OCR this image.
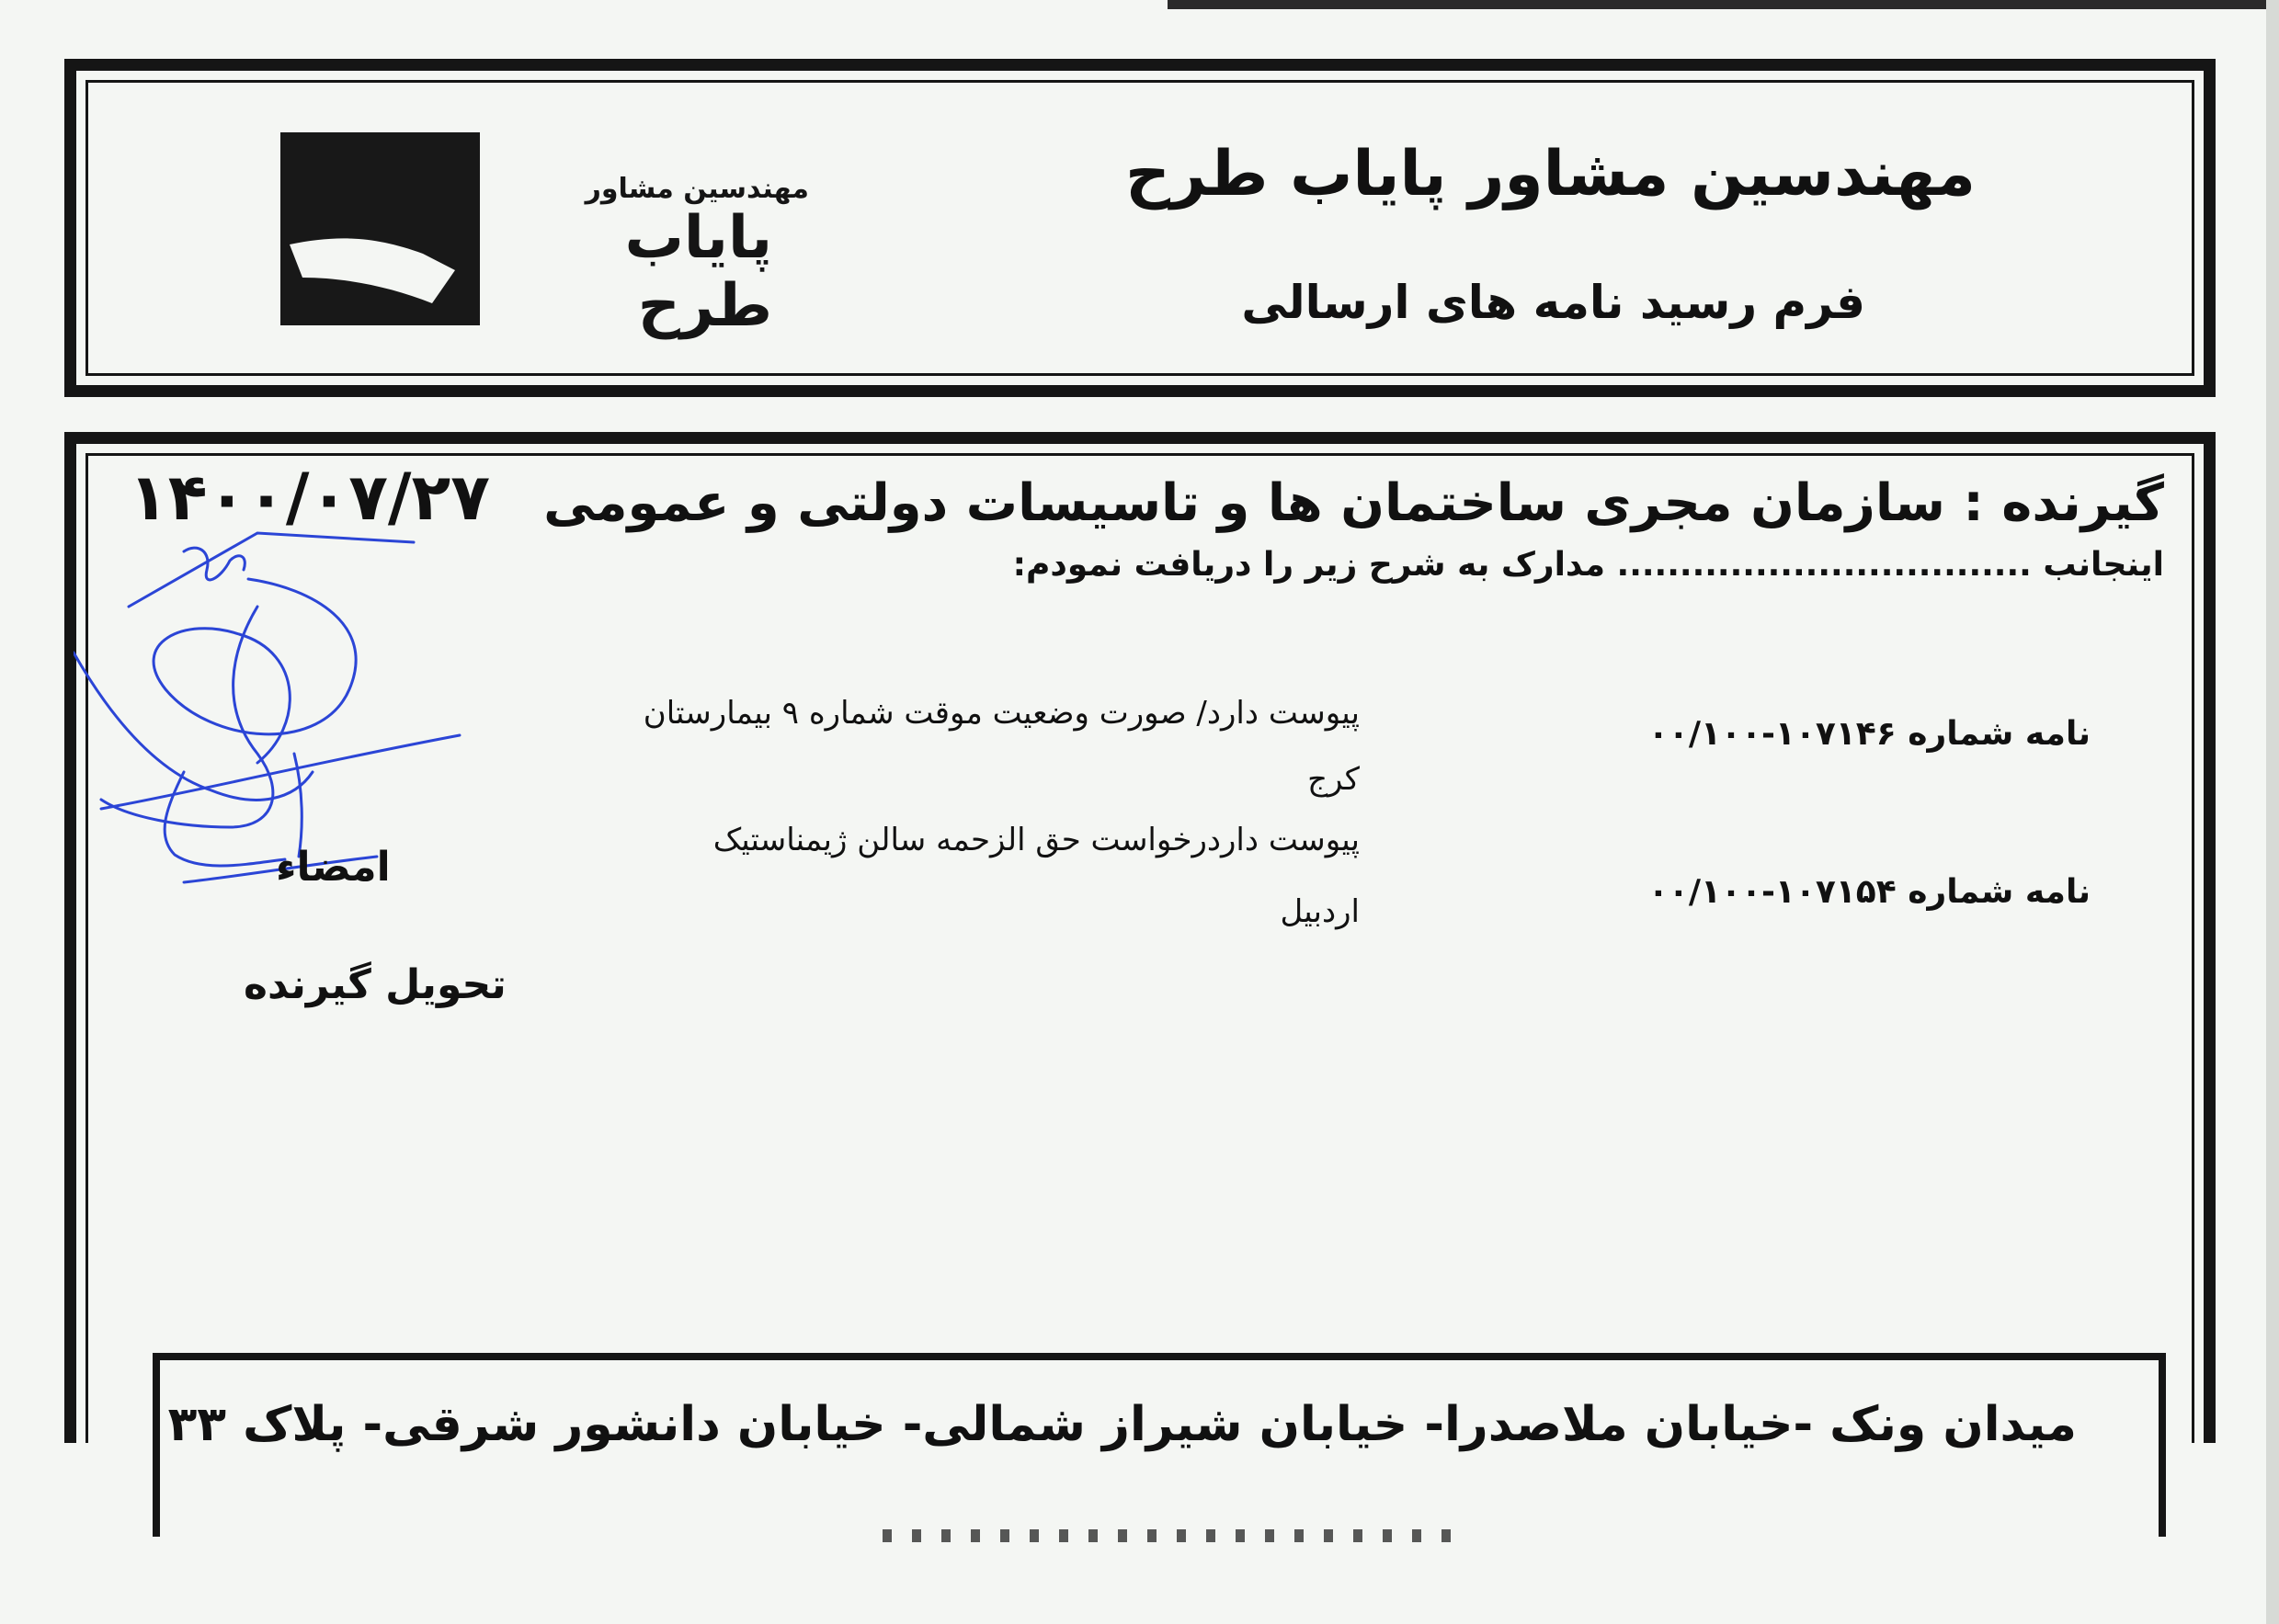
مهندسین مشاور
پایاب طرح
مهندسین مشاور پایاب طرح
فرم رسید نامه های ارسالی
گیرنده : سازمان مجری ساختمان ها و تاسیسات دولتی و عمومی
اینجانب ................................. مدارک به شرح زیر را دریافت نمودم:
نامه شماره ۱۰۷۱۴۶-۰۰/۱۰۰
پیوست دارد/ صورت وضعیت موقت شماره ۹ بیمارستان
کرج
نامه شماره ۱۰۷۱۵۴-۰۰/۱۰۰
پیوست داردرخواست حق الزحمه سالن ژیمناستیک
اردبیل
۱۴۰۰/۰۷/۲۷
امضاء
تحویل گیرنده
میدان ونک -خیابان ملاصدرا- خیابان شیراز شمالی- خیابان دانشور شرقی- پلاک ۳۳
